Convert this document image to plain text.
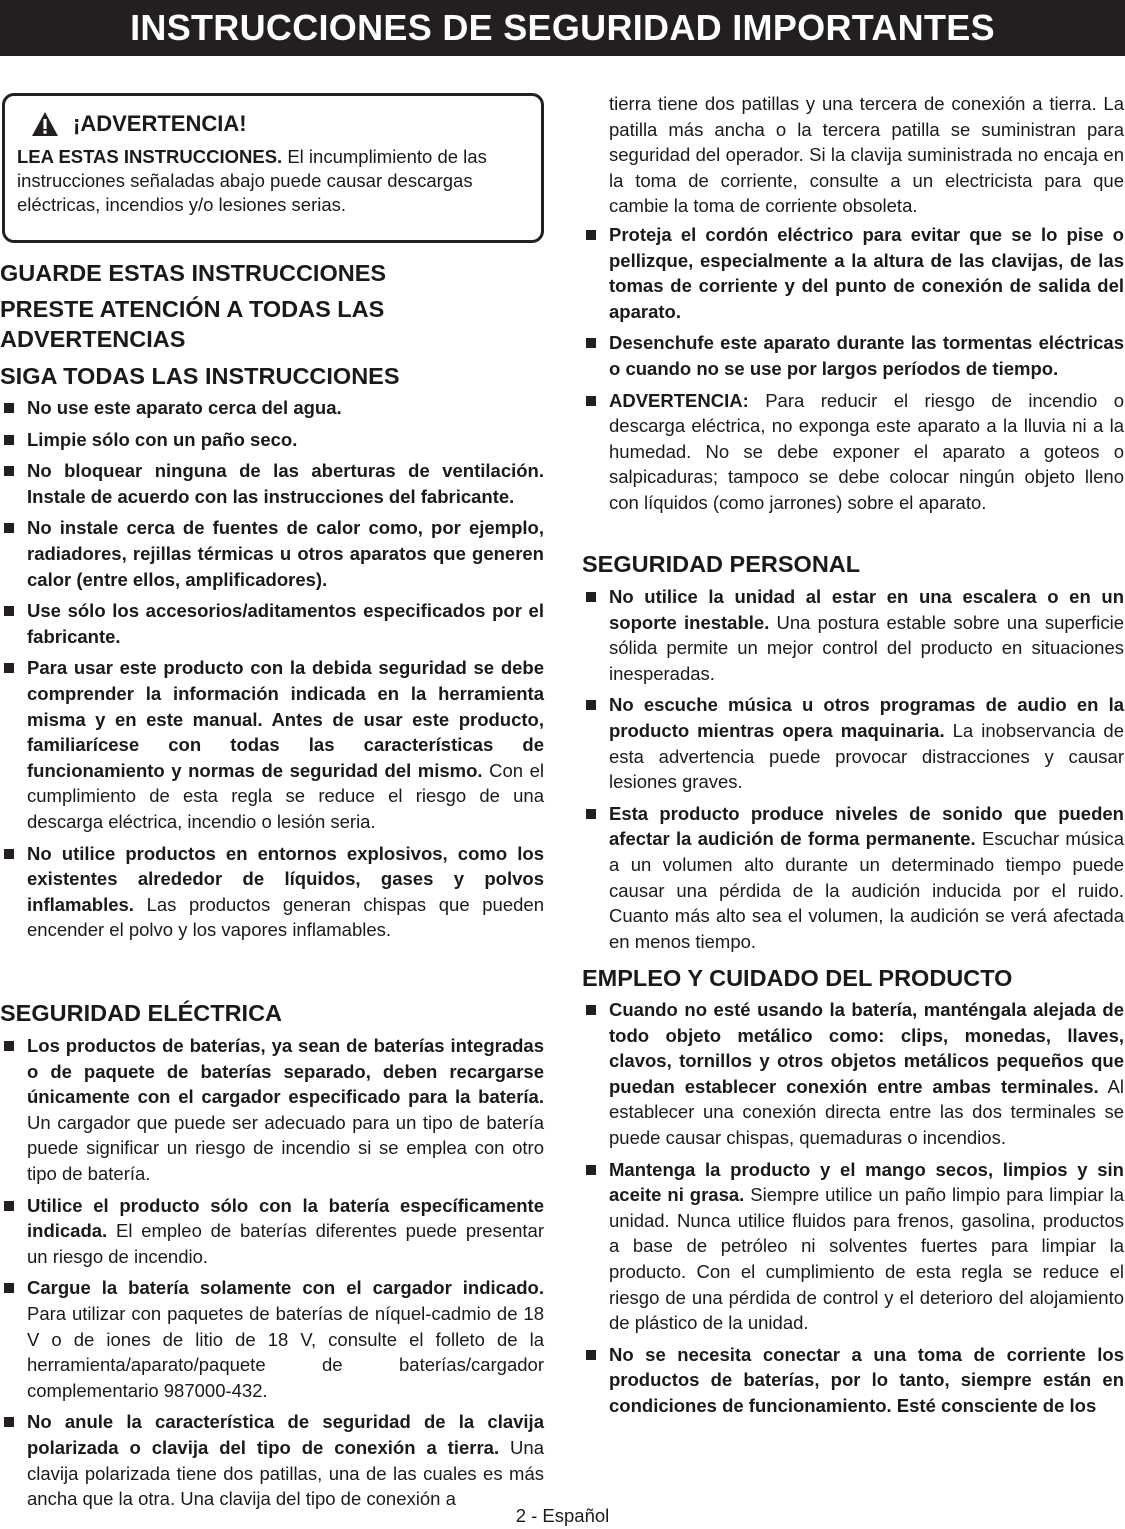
INSTRUCCIONES DE SEGURIDAD IMPORTANTES
¡ADVERTENCIA!

LEA ESTAS INSTRUCCIONES. El incumplimiento de las instrucciones señaladas abajo puede causar descargas eléctricas, incendios y/o lesiones serias.

GUARDE ESTAS INSTRUCCIONES
PRESTE ATENCIÓN A TODAS LAS ADVERTENCIAS
SIGA TODAS LAS INSTRUCCIONES
No use este aparato cerca del agua.
Limpie sólo con un paño seco.
No bloquear ninguna de las aberturas de ventilación. Instale de acuerdo con las instrucciones del fabricante.
No instale cerca de fuentes de calor como, por ejemplo, radiadores, rejillas térmicas u otros aparatos que generen calor (entre ellos, amplificadores).
Use sólo los accesorios/aditamentos especificados por el fabricante.
Para usar este producto con la debida seguridad se debe comprender la información indicada en la herramienta misma y en este manual. Antes de usar este producto, familiarícese con todas las características de funcionamiento y normas de seguridad del mismo. Con el cumplimiento de esta regla se reduce el riesgo de una descarga eléctrica, incendio o lesión seria.
No utilice productos en entornos explosivos, como los existentes alrededor de líquidos, gases y polvos inflamables. Las productos generan chispas que pueden encender el polvo y los vapores inflamables.
SEGURIDAD ELÉCTRICA
Los productos de baterías, ya sean de baterías integradas o de paquete de baterías separado, deben recargarse únicamente con el cargador especificado para la batería. Un cargador que puede ser adecuado para un tipo de batería puede significar un riesgo de incendio si se emplea con otro tipo de batería.
Utilice el producto sólo con la batería específicamente indicada. El empleo de baterías diferentes puede presentar un riesgo de incendio.
Cargue la batería solamente con el cargador indicado. Para utilizar con paquetes de baterías de níquel-cadmio de 18 V o de iones de litio de 18 V, consulte el folleto de la herramienta/aparato/paquete de baterías/cargador complementario 987000-432.
No anule la característica de seguridad de la clavija polarizada o clavija del tipo de conexión a tierra. Una clavija polarizada tiene dos patillas, una de las cuales es más ancha que la otra. Una clavija del tipo de conexión a

tierra tiene dos patillas y una tercera de conexión a tierra. La patilla más ancha o la tercera patilla se suministran para seguridad del operador. Si la clavija suministrada no encaja en la toma de corriente, consulte a un electricista para que cambie la toma de corriente obsoleta.

Proteja el cordón eléctrico para evitar que se lo pise o pellizque, especialmente a la altura de las clavijas, de las tomas de corriente y del punto de conexión de salida del aparato.
Desenchufe este aparato durante las tormentas eléctricas o cuando no se use por largos períodos de tiempo.
ADVERTENCIA: Para reducir el riesgo de incendio o descarga eléctrica, no exponga este aparato a la lluvia ni a la humedad. No se debe exponer el aparato a goteos o salpicaduras; tampoco se debe colocar ningún objeto lleno con líquidos (como jarrones) sobre el aparato.
SEGURIDAD PERSONAL
No utilice la unidad al estar en una escalera o en un soporte inestable. Una postura estable sobre una superficie sólida permite un mejor control del producto en situaciones inesperadas.
No escuche música u otros programas de audio en la producto mientras opera maquinaria. La inobservancia de esta advertencia puede provocar distracciones y causar lesiones graves.
Esta producto produce niveles de sonido que pueden afectar la audición de forma permanente. Escuchar música a un volumen alto durante un determinado tiempo puede causar una pérdida de la audición inducida por el ruido. Cuanto más alto sea el volumen, la audición se verá afectada en menos tiempo.
EMPLEO Y CUIDADO DEL PRODUCTO
Cuando no esté usando la batería, manténgala alejada de todo objeto metálico como: clips, monedas, llaves, clavos, tornillos y otros objetos metálicos pequeños que puedan establecer conexión entre ambas terminales. Al establecer una conexión directa entre las dos terminales se puede causar chispas, quemaduras o incendios.
Mantenga la producto y el mango secos, limpios y sin aceite ni grasa. Siempre utilice un paño limpio para limpiar la unidad. Nunca utilice fluidos para frenos, gasolina, productos a base de petróleo ni solventes fuertes para limpiar la producto. Con el cumplimiento de esta regla se reduce el riesgo de una pérdida de control y el deterioro del alojamiento de plástico de la unidad.
No se necesita conectar a una toma de corriente los productos de baterías, por lo tanto, siempre están en condiciones de funcionamiento. Esté consciente de los
2 - Español
